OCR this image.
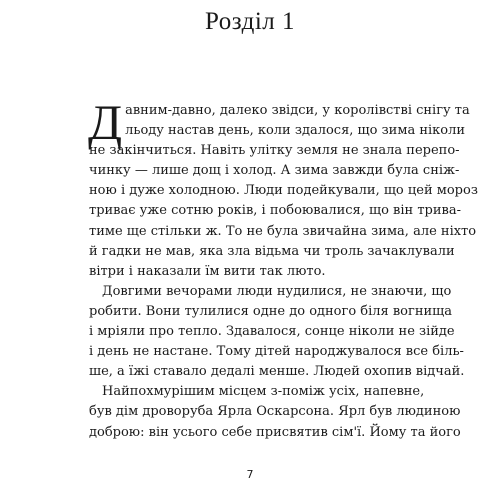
Розділ 1
Д авним-давно, далеко звідси, у королівстві снігу та
льоду настав день, коли здалося, що зима ніколи
не закінчиться. Навіть улітку земля не знала перепо-
чинку — лише дощ і холод. А зима завжди була сніж-
ною і дуже холодною. Люди подейкували, що цей мороз
триває уже сотню років, і побоювалися, що він трива-
тиме ще стільки ж. То не була звичайна зима, але ніхто
й гадки не мав, яка зла відьма чи троль зачаклували
вітри і наказали їм вити так люто.
Довгими вечорами люди нудилися, не знаючи, що
робити. Вони тулилися одне до одного біля вогнища
і мріяли про тепло. Здавалося, сонце ніколи не зійде
і день не настане. Тому дітей народжувалося все біль-
ше, а їжі ставало дедалі менше. Людей охопив відчай.
Найпохмурішим місцем з-поміж усіх, напевне,
був дім дроворуба Ярла Оскарсона. Ярл був людиною
доброю: він усього себе присвятив сім'ї. Йому та його
7
